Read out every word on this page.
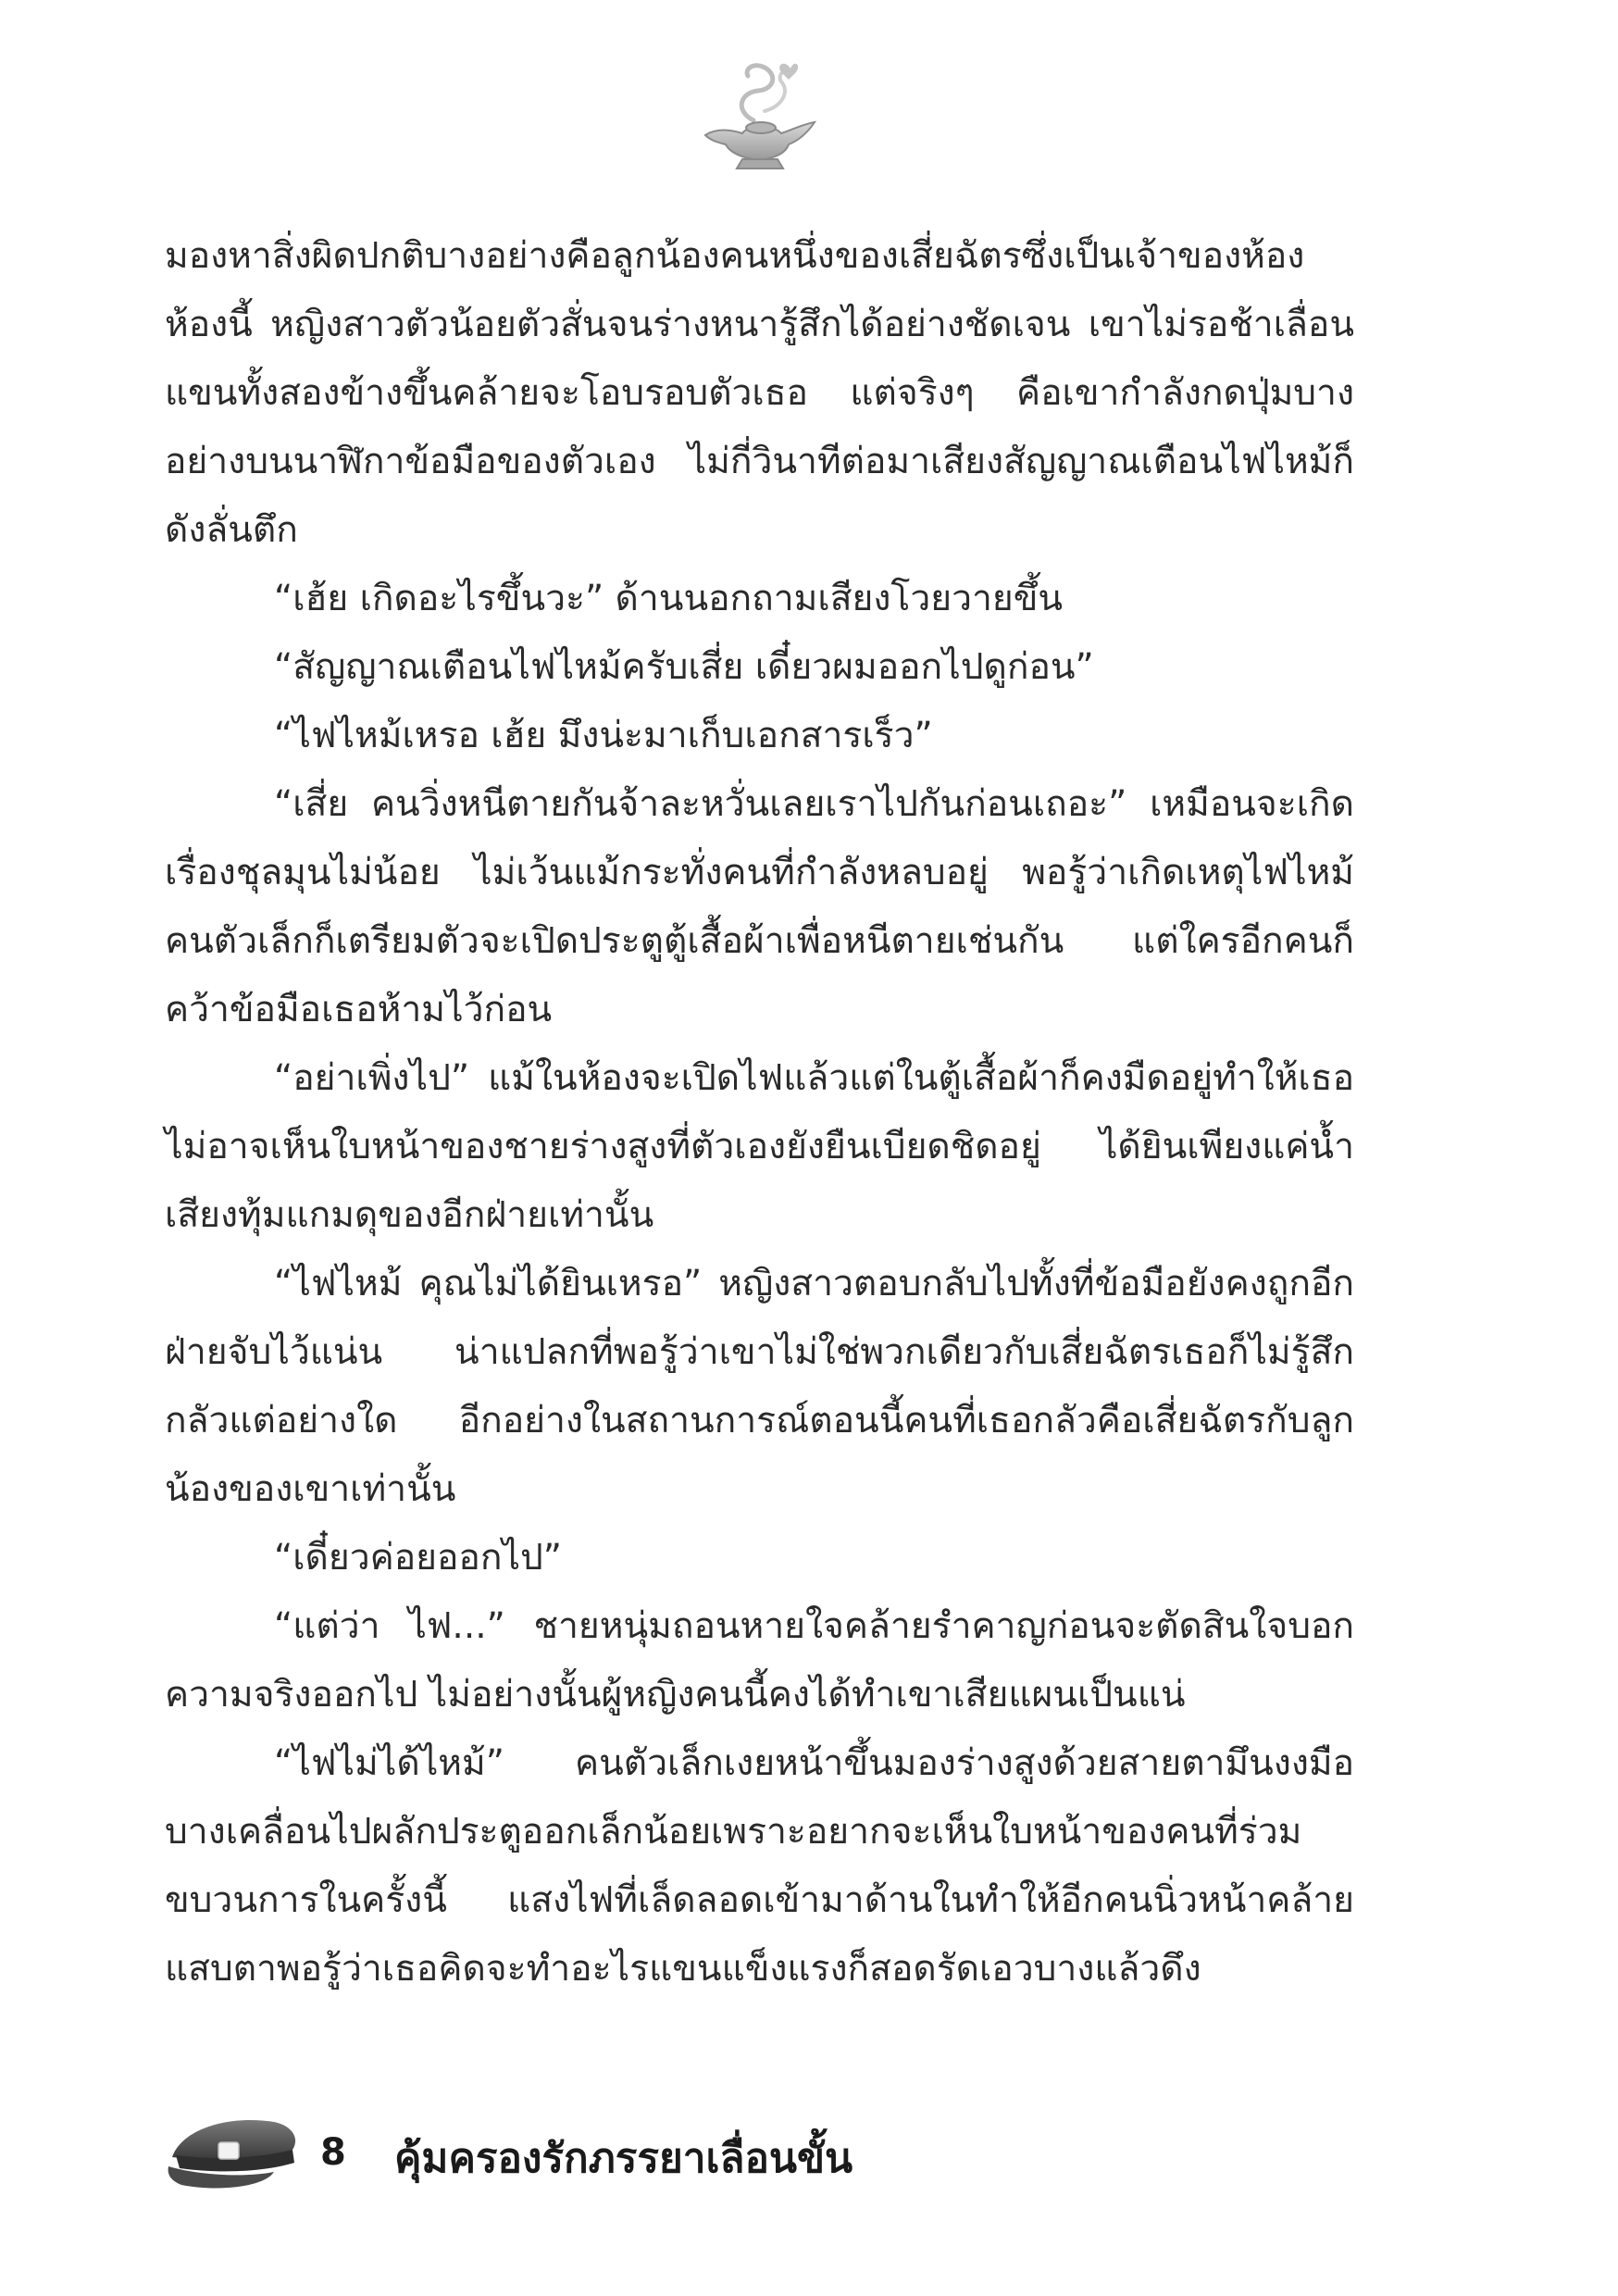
มองหาสิ่งผิดปกติบางอย่างคือลูกน้องคนหนึ่งของเสี่ยฉัตรซึ่งเป็นเจ้าของห้องห้องนี้ หญิงสาวตัวน้อยตัวสั่นจนร่างหนารู้สึกได้อย่างชัดเจน เขาไม่รอช้าเลื่อนแขนทั้งสองข้างขึ้นคล้ายจะโอบรอบตัวเธอ แต่จริงๆ คือเขากำลังกดปุ่มบางอย่างบนนาฬิกาข้อมือของตัวเอง ไม่กี่วินาทีต่อมาเสียงสัญญาณเตือนไฟไหม้ก็ดังลั่นตึก

“เฮ้ย เกิดอะไรขึ้นวะ” ด้านนอกถามเสียงโวยวายขึ้น

“สัญญาณเตือนไฟไหม้ครับเสี่ย เดี๋ยวผมออกไปดูก่อน”

“ไฟไหม้เหรอ เฮ้ย มึงน่ะมาเก็บเอกสารเร็ว”

“เสี่ย คนวิ่งหนีตายกันจ้าละหวั่นเลยเราไปกันก่อนเถอะ” เหมือนจะเกิดเรื่องชุลมุนไม่น้อย ไม่เว้นแม้กระทั่งคนที่กำลังหลบอยู่ พอรู้ว่าเกิดเหตุไฟไหม้คนตัวเล็กก็เตรียมตัวจะเปิดประตูตู้เสื้อผ้าเพื่อหนีตายเช่นกัน แต่ใครอีกคนก็คว้าข้อมือเธอห้ามไว้ก่อน

“อย่าเพิ่งไป” แม้ในห้องจะเปิดไฟแล้วแต่ในตู้เสื้อผ้าก็คงมืดอยู่ทำให้เธอไม่อาจเห็นใบหน้าของชายร่างสูงที่ตัวเองยังยืนเบียดชิดอยู่ ได้ยินเพียงแค่น้ำเสียงทุ้มแกมดุของอีกฝ่ายเท่านั้น

“ไฟไหม้ คุณไม่ได้ยินเหรอ” หญิงสาวตอบกลับไปทั้งที่ข้อมือยังคงถูกอีกฝ่ายจับไว้แน่น น่าแปลกที่พอรู้ว่าเขาไม่ใช่พวกเดียวกับเสี่ยฉัตรเธอก็ไม่รู้สึกกลัวแต่อย่างใด อีกอย่างในสถานการณ์ตอนนี้คนที่เธอกลัวคือเสี่ยฉัตรกับลูกน้องของเขาเท่านั้น

“เดี๋ยวค่อยออกไป”

“แต่ว่า ไฟ...” ชายหนุ่มถอนหายใจคล้ายรำคาญก่อนจะตัดสินใจบอกความจริงออกไป ไม่อย่างนั้นผู้หญิงคนนี้คงได้ทำเขาเสียแผนเป็นแน่

“ไฟไม่ได้ไหม้” คนตัวเล็กเงยหน้าขึ้นมองร่างสูงด้วยสายตามึนงงมือบางเคลื่อนไปผลักประตูออกเล็กน้อยเพราะอยากจะเห็นใบหน้าของคนที่ร่วมขบวนการในครั้งนี้ แสงไฟที่เล็ดลอดเข้ามาด้านในทำให้อีกคนนิ่วหน้าคล้ายแสบตาพอรู้ว่าเธอคิดจะทำอะไรแขนแข็งแรงก็สอดรัดเอวบางแล้วดึง

8 คุ้มครองรักภรรยาเลื่อนขั้น
